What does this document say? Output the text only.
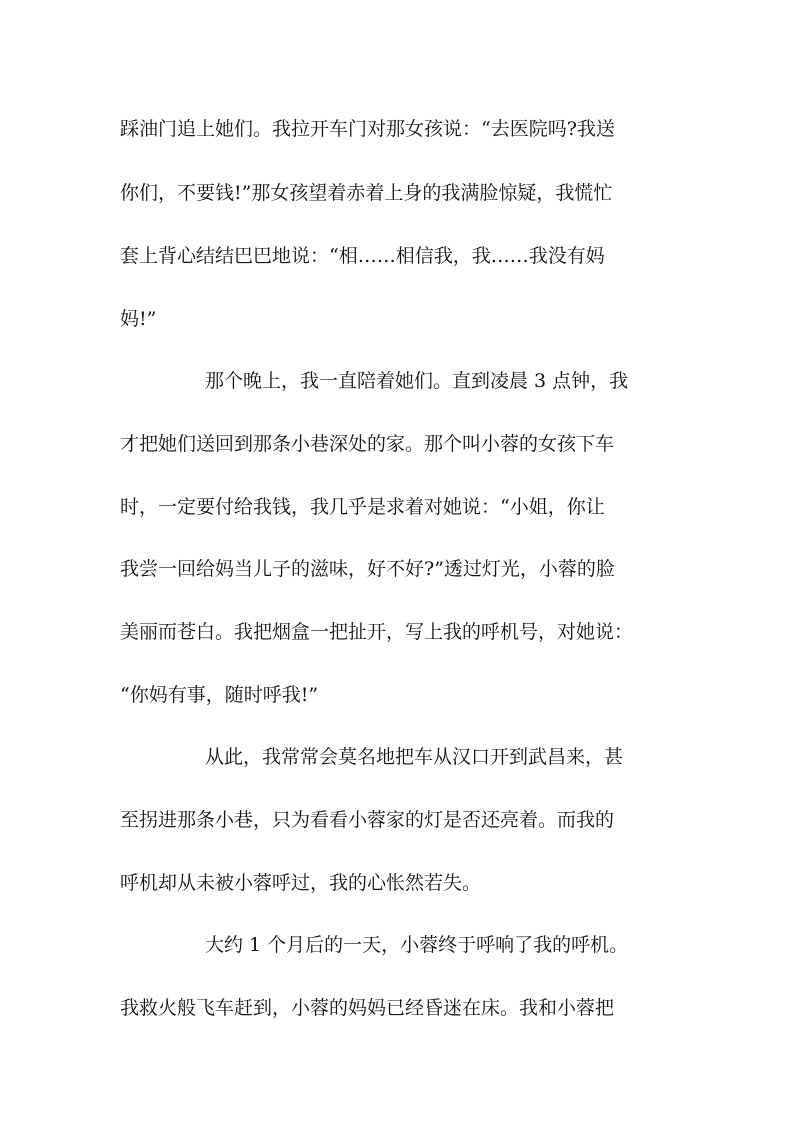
踩油门追上她们。我拉开车门对那女孩说：“去医院吗?我送
你们，不要钱!”那女孩望着赤着上身的我满脸惊疑，我慌忙
套上背心结结巴巴地说：“相……相信我，我……我没有妈
妈!”
那个晚上，我一直陪着她们。直到凌晨 3 点钟，我
才把她们送回到那条小巷深处的家。那个叫小蓉的女孩下车
时，一定要付给我钱，我几乎是求着对她说：“小姐，你让
我尝一回给妈当儿子的滋味，好不好?”透过灯光，小蓉的脸
美丽而苍白。我把烟盒一把扯开，写上我的呼机号，对她说：
“你妈有事，随时呼我!”
从此，我常常会莫名地把车从汉口开到武昌来，甚
至拐进那条小巷，只为看看小蓉家的灯是否还亮着。而我的
呼机却从未被小蓉呼过，我的心怅然若失。
大约 1 个月后的一天，小蓉终于呼响了我的呼机。
我救火般飞车赶到，小蓉的妈妈已经昏迷在床。我和小蓉把
